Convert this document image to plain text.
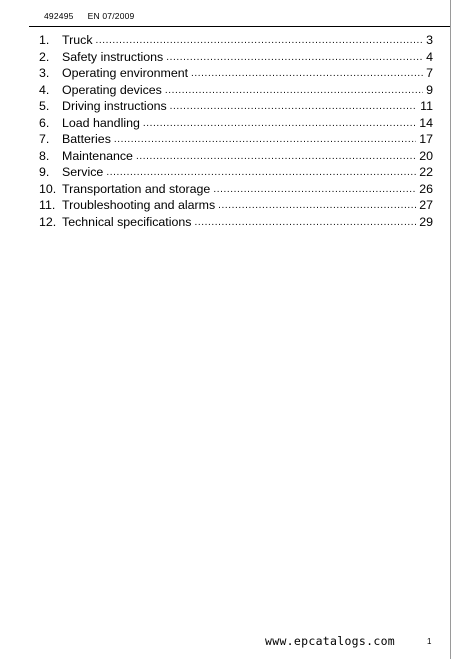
492495 EN 07/2009
1.	Truck .....	3
2.	Safety instructions .....	4
3.	Operating environment .....	7
4.	Operating devices .....	9
5.	Driving instructions .....	11
6.	Load handling .....	14
7.	Batteries .....	17
8.	Maintenance .....	20
9.	Service .....	22
10. Transportation and storage .....	26
11. Troubleshooting and alarms .....	27
12. Technical specifications .....	29
www.epcatalogs.com	1
